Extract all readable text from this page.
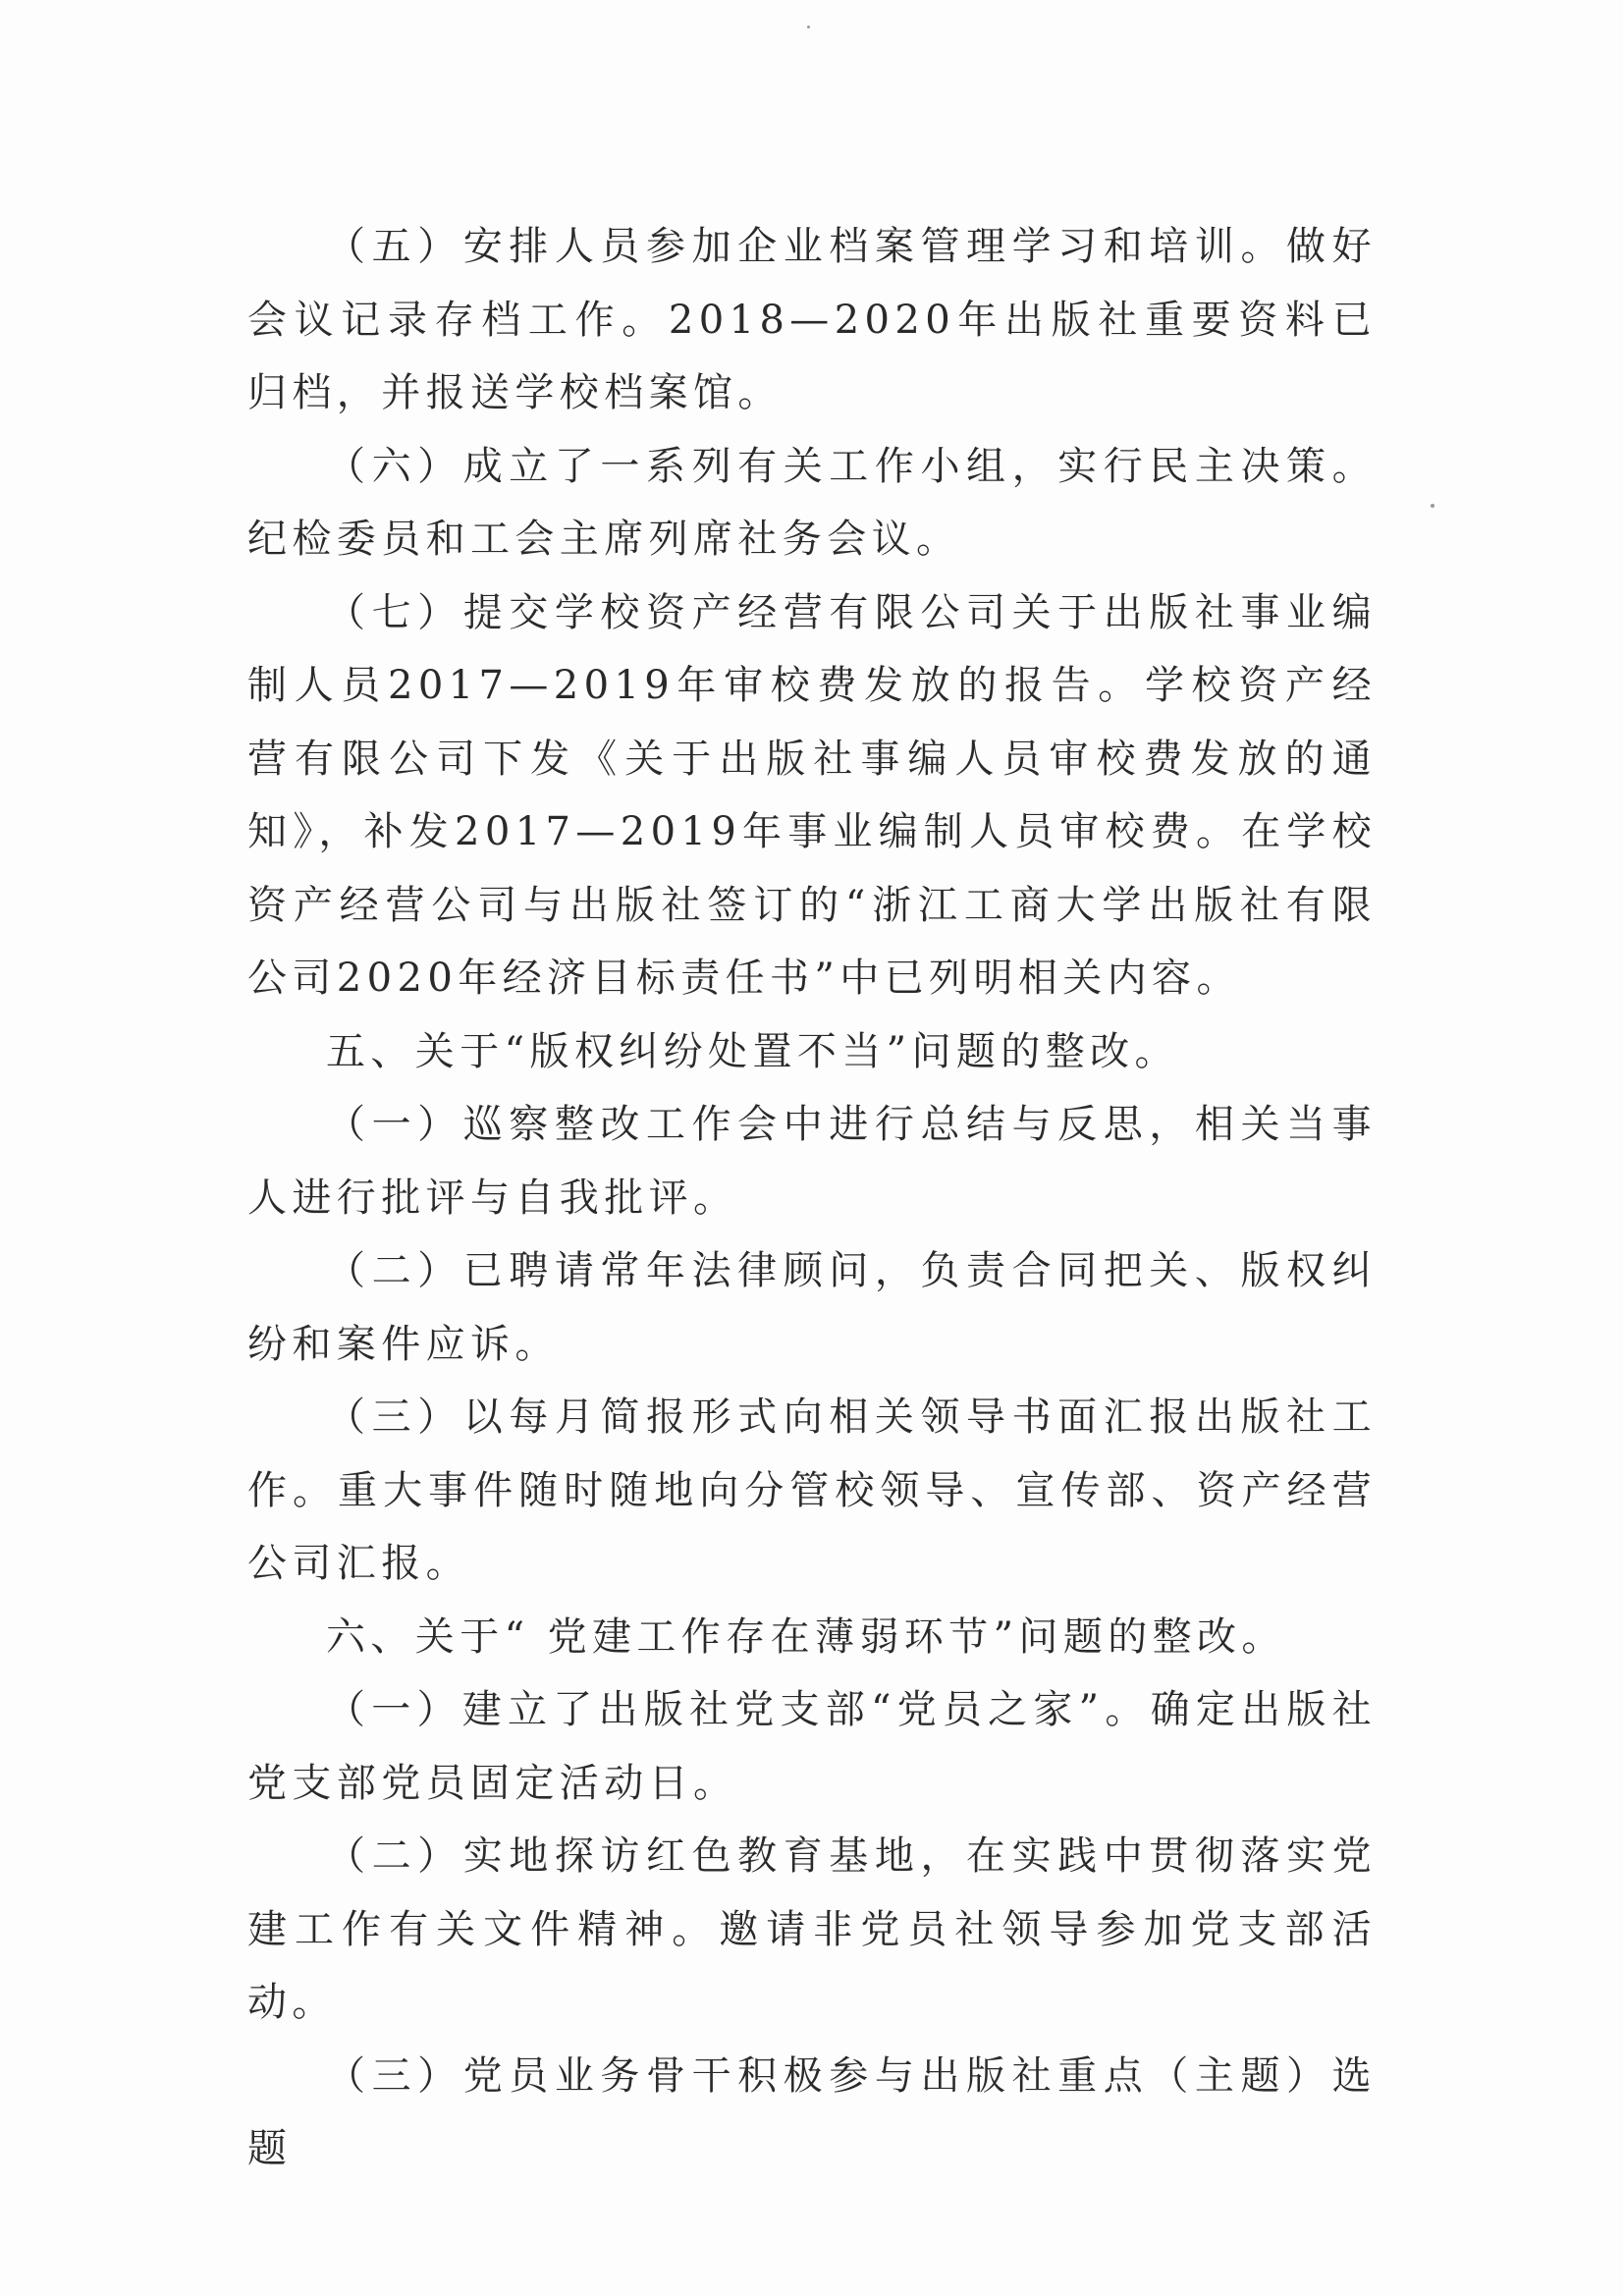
（五）安排人员参加企业档案管理学习和培训。做好会议记录存档工作。2018—2020年出版社重要资料已归档，并报送学校档案馆。

（六）成立了一系列有关工作小组，实行民主决策。纪检委员和工会主席列席社务会议。

（七）提交学校资产经营有限公司关于出版社事业编制人员2017—2019年审校费发放的报告。学校资产经营有限公司下发《关于出版社事编人员审校费发放的通知》，补发2017—2019年事业编制人员审校费。在学校资产经营公司与出版社签订的“浙江工商大学出版社有限公司2020年经济目标责任书”中已列明相关内容。

五、关于“版权纠纷处置不当”问题的整改。

（一）巡察整改工作会中进行总结与反思，相关当事人进行批评与自我批评。

（二）已聘请常年法律顾问，负责合同把关、版权纠纷和案件应诉。

（三）以每月简报形式向相关领导书面汇报出版社工作。重大事件随时随地向分管校领导、宣传部、资产经营公司汇报。

六、关于“ 党建工作存在薄弱环节”问题的整改。

（一）建立了出版社党支部“党员之家”。确定出版社党支部党员固定活动日。

（二）实地探访红色教育基地，在实践中贯彻落实党建工作有关文件精神。邀请非党员社领导参加党支部活动。

（三）党员业务骨干积极参与出版社重点（主题）选题
